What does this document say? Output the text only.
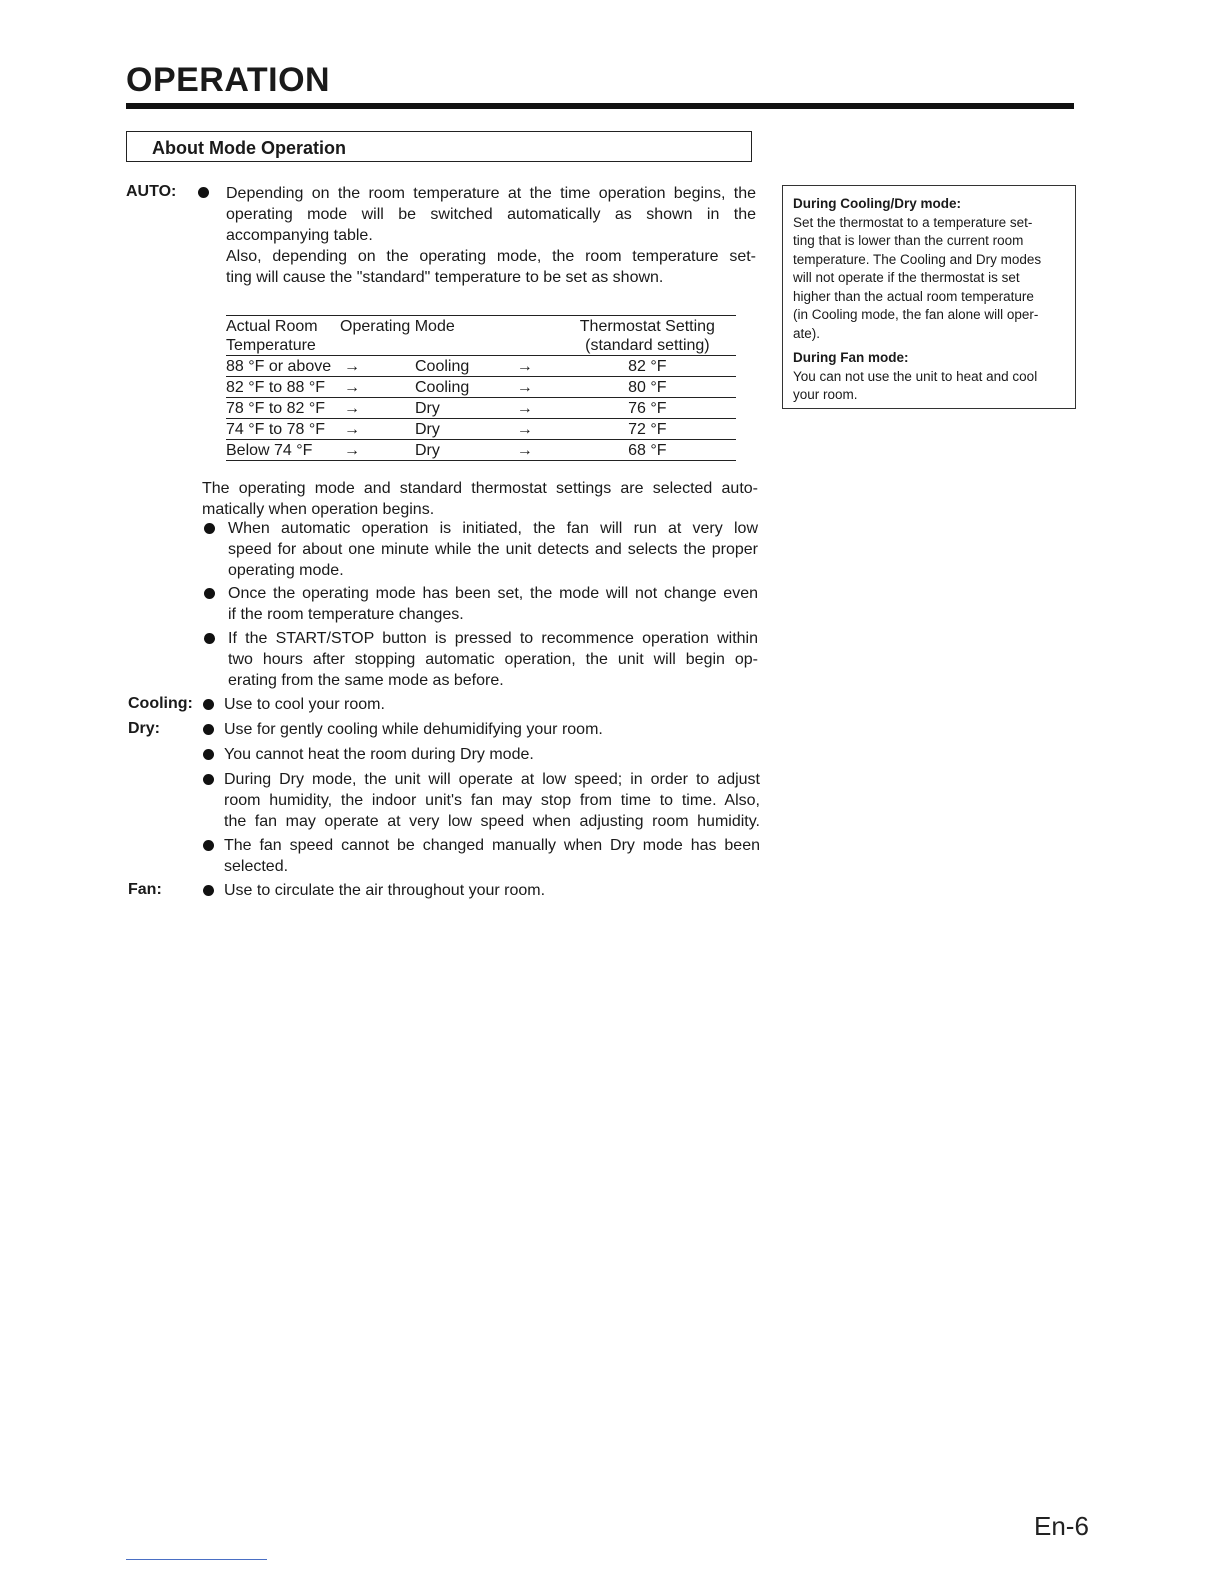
OPERATION
About Mode Operation
AUTO:	Depending on the room temperature at the time operation begins, the
operating mode will be switched automatically as shown in the
accompanying table.
Also, depending on the operating mode, the room temperature set-
ting will cause the "standard" temperature to be set as shown.
Actual Room		Operating Mode		Thermostat Setting
Temperature				(standard setting)
88 °F or above	→	Cooling	→	82 °F
82 °F to 88 °F	→	Cooling	→	80 °F
78 °F to 82 °F	→	Dry	→	76 °F
74 °F to 78 °F	→	Dry	→	72 °F
Below 74 °F	→	Dry	→	68 °F
The operating mode and standard thermostat settings are selected auto-
matically when operation begins.
When automatic operation is initiated, the fan will run at very low
speed for about one minute while the unit detects and selects the proper
operating mode.
Once the operating mode has been set, the mode will not change even
if the room temperature changes.
If the START/STOP button is pressed to recommence operation within
two hours after stopping automatic operation, the unit will begin op-
erating from the same mode as before.
Cooling: Use to cool your room.
Dry:	Use for gently cooling while dehumidifying your room.
You cannot heat the room during Dry mode.
During Dry mode, the unit will operate at low speed; in order to adjust
room humidity, the indoor unit's fan may stop from time to time. Also,
the fan may operate at very low speed when adjusting room humidity.
The fan speed cannot be changed manually when Dry mode has been
selected.
Fan:	Use to circulate the air throughout your room.
During Cooling/Dry mode:
Set the thermostat to a temperature set-
ting that is lower than the current room
temperature. The Cooling and Dry modes
will not operate if the thermostat is set
higher than the actual room temperature
(in Cooling mode, the fan alone will oper-
ate).
During Fan mode:
You can not use the unit to heat and cool
your room.
En-6
